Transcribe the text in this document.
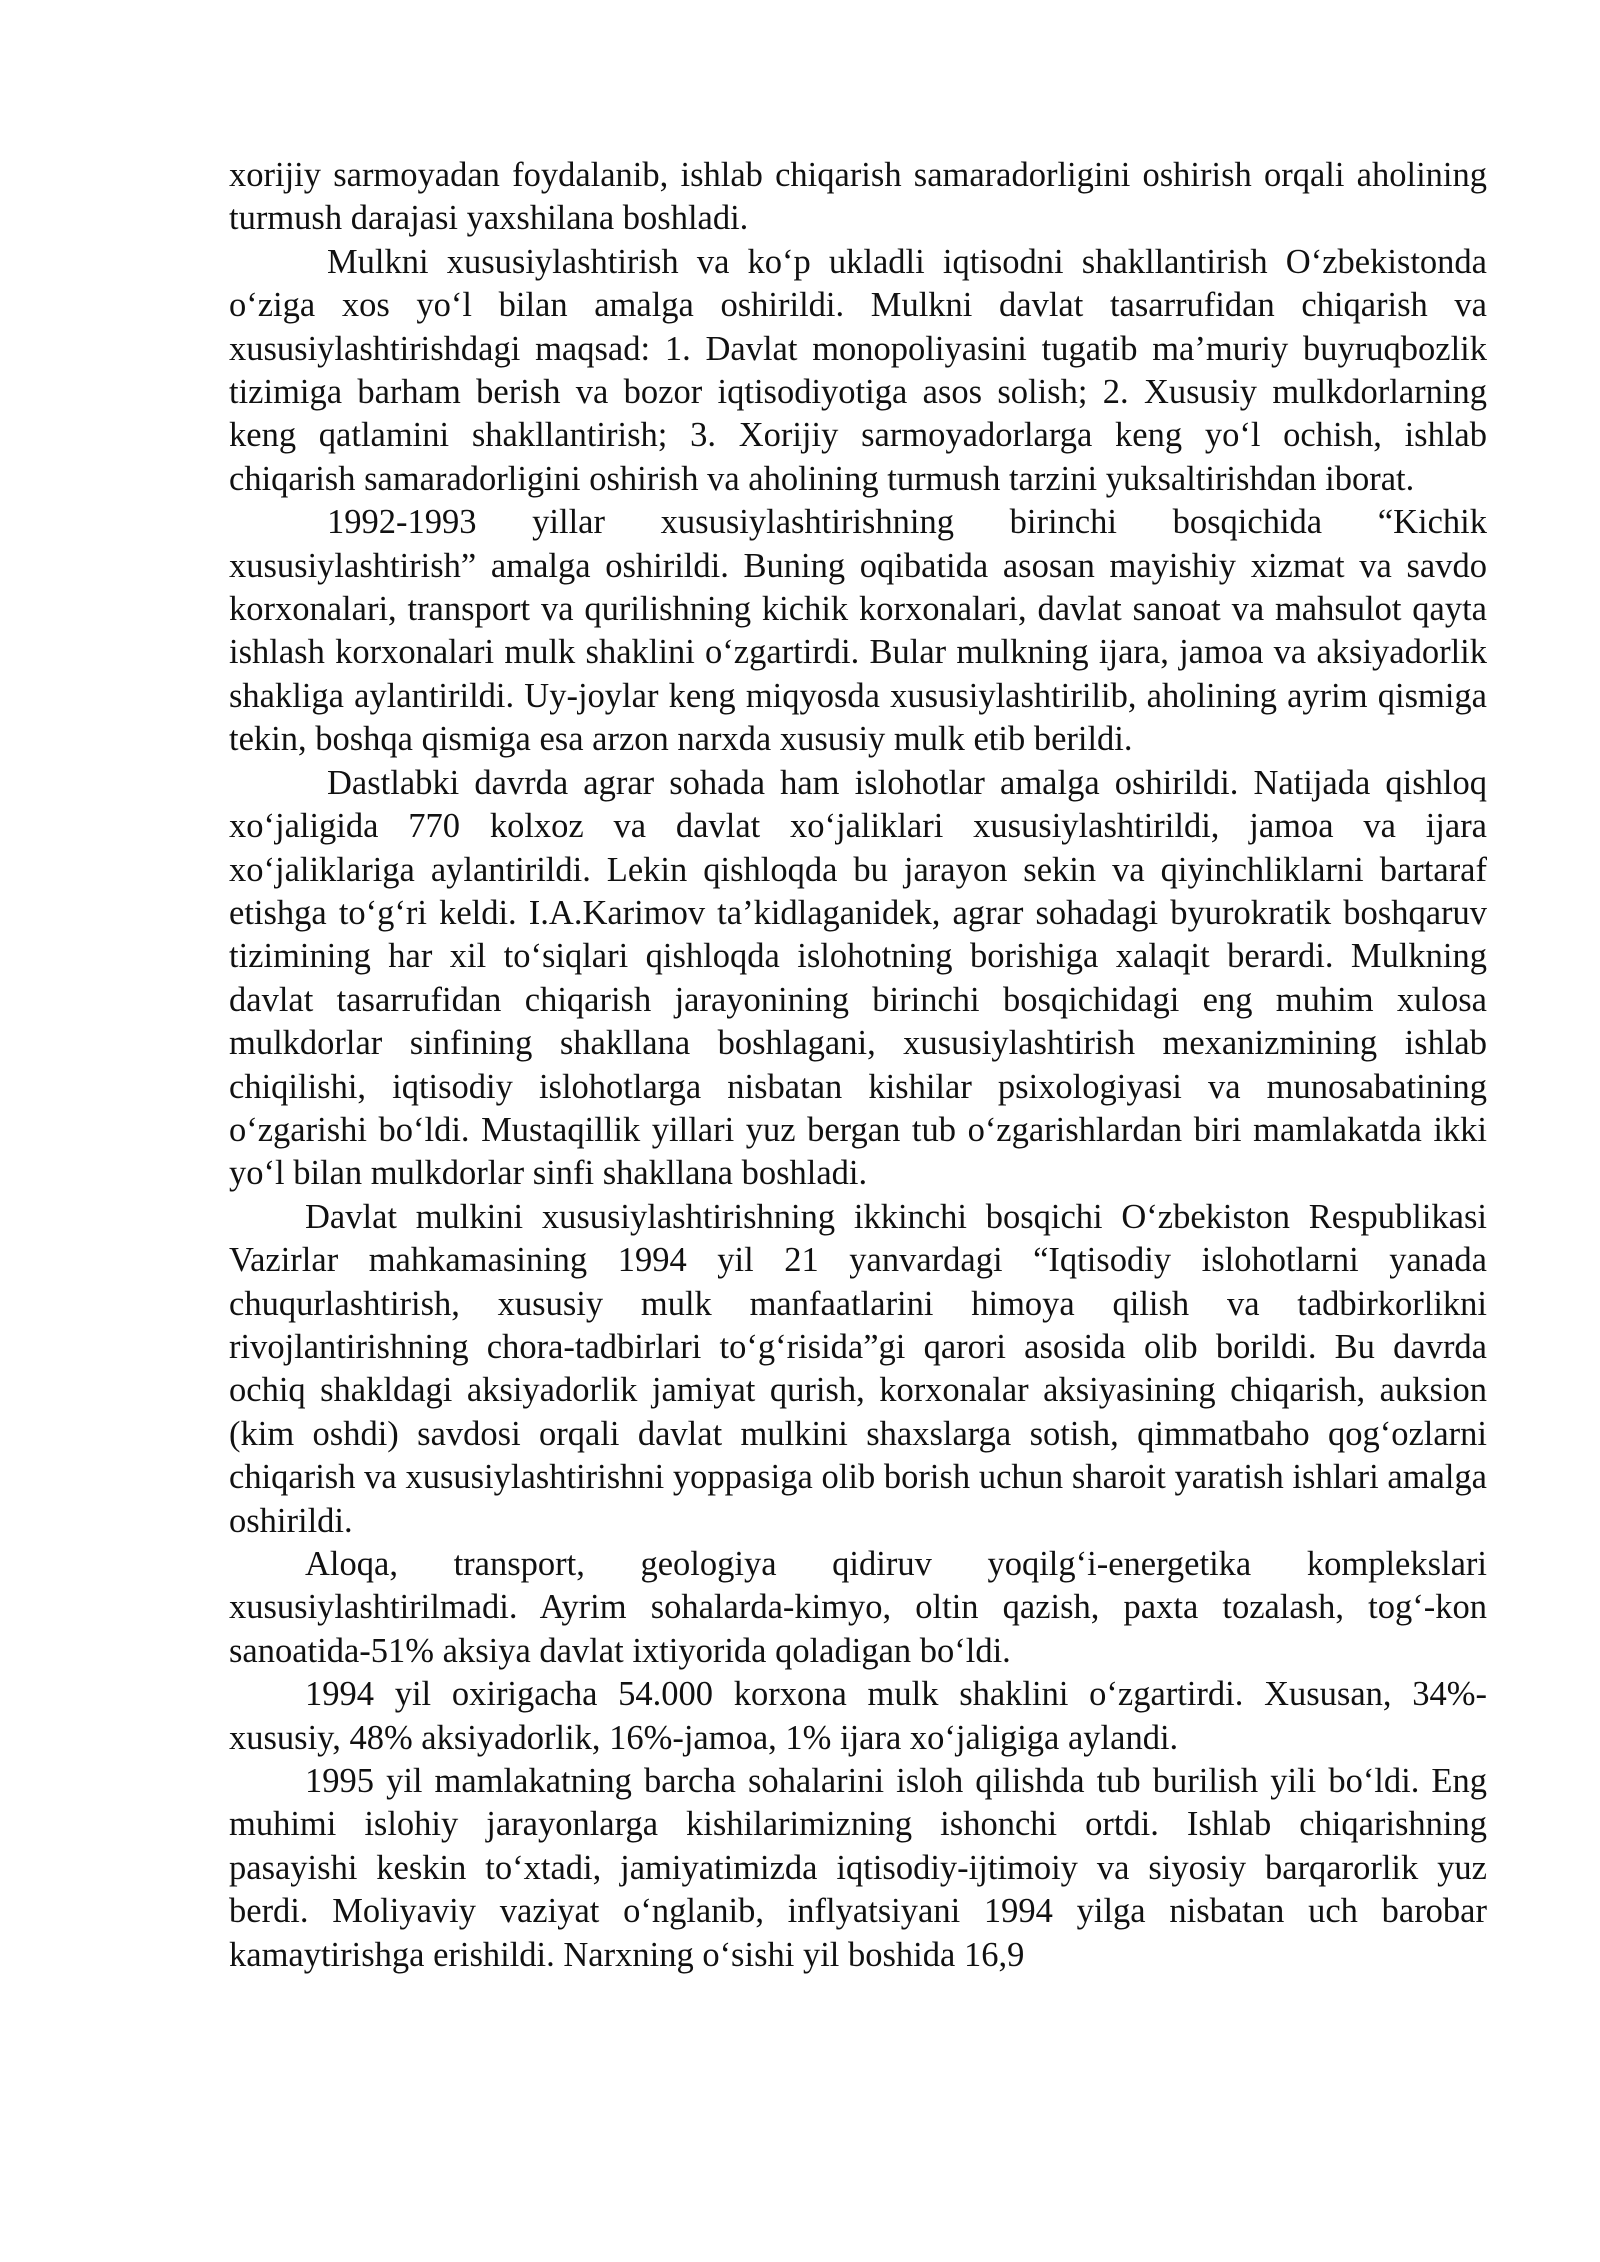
xorijiy sarmoyadan foydalanib, ishlab chiqarish samaradorligini oshirish orqali aholining turmush darajasi yaxshilana boshladi.

Mulkni xususiylashtirish va ko‘p ukladli iqtisodni shakllantirish O‘zbekistonda o‘ziga xos yo‘l bilan amalga oshirildi. Mulkni davlat tasarrufidan chiqarish va xususiylashtirishdagi maqsad: 1. Davlat monopoliyasini tugatib ma’muriy buyruqbozlik tizimiga barham berish va bozor iqtisodiyotiga asos solish; 2. Xususiy mulkdorlarning keng qatlamini shakllantirish; 3. Xorijiy sarmoyadorlarga keng yo‘l ochish, ishlab chiqarish samaradorligini oshirish va aholining turmush tarzini yuksaltirishdan iborat.

1992-1993 yillar xususiylashtirishning birinchi bosqichida “Kichik xususiylashtirish” amalga oshirildi. Buning oqibatida asosan mayishiy xizmat va savdo korxonalari, transport va qurilishning kichik korxonalari, davlat sanoat va mahsulot qayta ishlash korxonalari mulk shaklini o‘zgartirdi. Bular mulkning ijara, jamoa va aksiyadorlik shakliga aylantirildi. Uy-joylar keng miqyosda xususiylashtirilib, aholining ayrim qismiga tekin, boshqa qismiga esa arzon narxda xususiy mulk etib berildi.

Dastlabki davrda agrar sohada ham islohotlar amalga oshirildi. Natijada qishloq xo‘jaligida 770 kolxoz va davlat xo‘jaliklari xususiylashtirildi, jamoa va ijara xo‘jaliklariga aylantirildi. Lekin qishloqda bu jarayon sekin va qiyinchliklarni bartaraf etishga to‘g‘ri keldi. I.A.Karimov ta’kidlaganidek, agrar sohadagi byurokratik boshqaruv tizimining har xil to‘siqlari qishloqda islohotning borishiga xalaqit berardi. Mulkning davlat tasarrufidan chiqarish jarayonining birinchi bosqichidagi eng muhim xulosa mulkdorlar sinfining shakllana boshlagani, xususiylashtirish mexanizmining ishlab chiqilishi, iqtisodiy islohotlarga nisbatan kishilar psixologiyasi va munosabatining o‘zgarishi bo‘ldi. Mustaqillik yillari yuz bergan tub o‘zgarishlardan biri mamlakatda ikki yo‘l bilan mulkdorlar sinfi shakllana boshladi.

Davlat mulkini xususiylashtirishning ikkinchi bosqichi O‘zbekiston Respublikasi Vazirlar mahkamasining 1994 yil 21 yanvardagi “Iqtisodiy islohotlarni yanada chuqurlashtirish, xususiy mulk manfaatlarini himoya qilish va tadbirkorlikni rivojlantirishning chora-tadbirlari to‘g‘risida”gi qarori asosida olib borildi. Bu davrda ochiq shakldagi aksiyadorlik jamiyat qurish, korxonalar aksiyasining chiqarish, auksion (kim oshdi) savdosi orqali davlat mulkini shaxslarga sotish, qimmatbaho qog‘ozlarni chiqarish va xususiylashtirishni yoppasiga olib borish uchun sharoit yaratish ishlari amalga oshirildi.

Aloqa, transport, geologiya qidiruv yoqilg‘i-energetika komplekslari xususiylashtirilmadi. Ayrim sohalarda-kimyo, oltin qazish, paxta tozalash, tog‘-kon sanoatida-51% aksiya davlat ixtiyorida qoladigan bo‘ldi.

1994 yil oxirigacha 54.000 korxona mulk shaklini o‘zgartirdi. Xususan, 34%-xususiy, 48% aksiyadorlik, 16%-jamoa, 1% ijara xo‘jaligiga aylandi.

1995 yil mamlakatning barcha sohalarini isloh qilishda tub burilish yili bo‘ldi. Eng muhimi islohiy jarayonlarga kishilarimizning ishonchi ortdi. Ishlab chiqarishning pasayishi keskin to‘xtadi, jamiyatimizda iqtisodiy-ijtimoiy va siyosiy barqarorlik yuz berdi. Moliyaviy vaziyat o‘nglanib, inflyatsiyani 1994 yilga nisbatan uch barobar kamaytirishga erishildi. Narxning o‘sishi yil boshida 16,9
